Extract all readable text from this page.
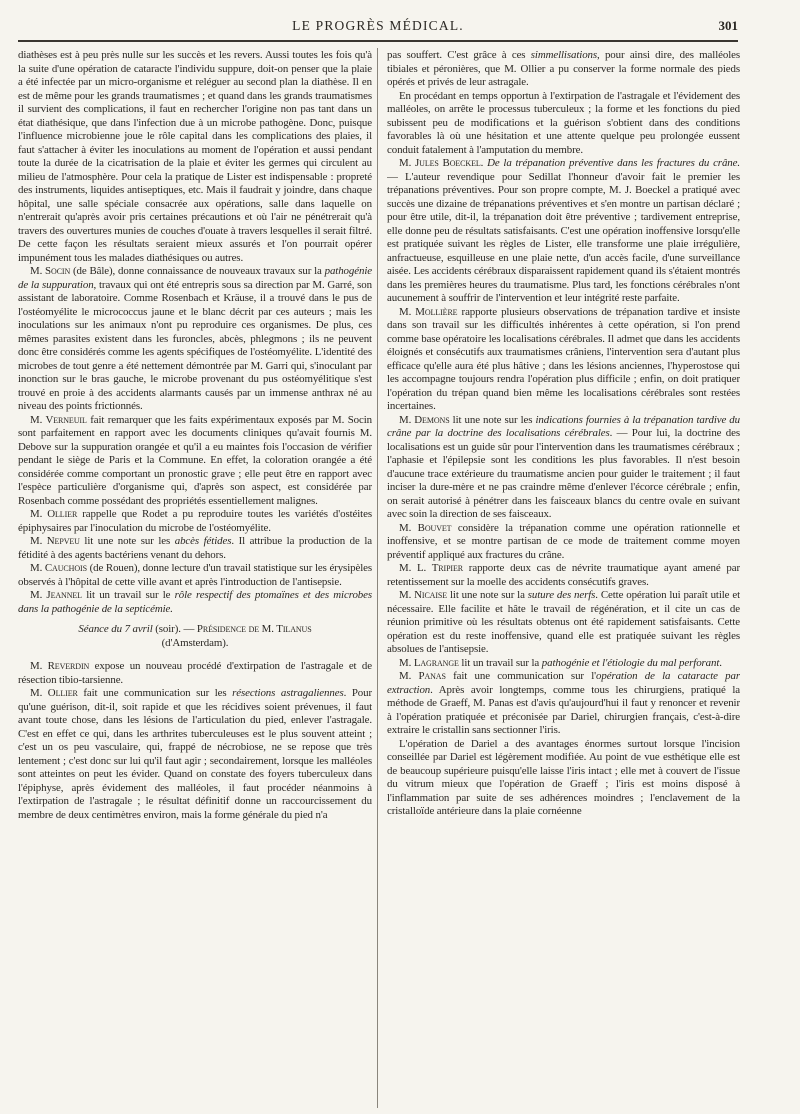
LE PROGRÈS MÉDICAL.	301

diathèses est à peu près nulle sur les succès et les revers. Aussi toutes les fois qu'à la suite d'une opération de cataracte l'individu suppure, doit-on penser que la plaie a été infectée par un micro-organisme et reléguer au second plan la diathèse. Il en est de même pour les grands traumatismes ; et quand dans les grands traumatismes il survient des complications, il faut en rechercher l'origine non pas tant dans un état diathésique, que dans l'infection due à un microbe pathogène. Donc, puisque l'influence microbienne joue le rôle capital dans les complications des plaies, il faut s'attacher à éviter les inoculations au moment de l'opération et aussi pendant toute la durée de la cicatrisation de la plaie et éviter les germes qui circulent au milieu de l'atmosphère. Pour cela la pratique de Lister est indispensable : propreté des instruments, liquides antiseptiques, etc. Mais il faudrait y joindre, dans chaque hôpital, une salle spéciale consacrée aux opérations, salle dans laquelle on n'entrerait qu'après avoir pris certaines précautions et où l'air ne pénétrerait qu'à travers des ouvertures munies de couches d'ouate à travers lesquelles il serait filtré. De cette façon les résultats seraient mieux assurés et l'on pourrait opérer impunément tous les malades diathésiques ou autres.

M. Socin (de Bâle), donne connaissance de nouveaux travaux sur la pathogénie de la suppuration, travaux qui ont été entrepris sous sa direction par M. Garré, son assistant de laboratoire. Comme Rosenbach et Kräuse, il a trouvé dans le pus de l'ostéomyélite le micrococcus jaune et le blanc décrit par ces auteurs ; mais les inoculations sur les animaux n'ont pu reproduire ces organismes. De plus, ces mêmes parasites existent dans les furoncles, abcès, phlegmons ; ils ne peuvent donc être considérés comme les agents spécifiques de l'ostéomyélite. L'identité des microbes de tout genre a été nettement démontrée par M. Garri qui, s'inoculant par inonction sur le bras gauche, le microbe provenant du pus ostéomyélitique s'est trouvé en proie à des accidents alarmants causés par un immense anthrax né au niveau des points frictionnés.

M. Verneuil fait remarquer que les faits expérimentaux exposés par M. Socin sont parfaitement en rapport avec les documents cliniques qu'avait fournis M. Debove sur la suppuration orangée et qu'il a eu maintes fois l'occasion de vérifier pendant le siège de Paris et la Commune. En effet, la coloration orangée a été considérée comme comportant un pronostic grave ; elle peut être en rapport avec l'espèce particulière d'organisme qui, d'après son aspect, est considérée par Rosenbach comme possédant des propriétés essentiellement malignes.

M. Ollier rappelle que Rodet a pu reproduire toutes les variétés d'ostéites épiphysaires par l'inoculation du microbe de l'ostéomyélite.

M. Nepveu lit une note sur les abcès fétides. Il attribue la production de la fétidité à des agents bactériens venant du dehors.

M. Cauchois (de Rouen), donne lecture d'un travail statistique sur les érysipèles observés à l'hôpital de cette ville avant et après l'introduction de l'antisepsie.

M. Jeannel lit un travail sur le rôle respectif des ptomaïnes et des microbes dans la pathogénie de la septicémie.

Séance du 7 avril (soir). — Présidence de M. Tilanus
(d'Amsterdam).

M. Reverdin expose un nouveau procédé d'extirpation de l'astragale et de résection tibio-tarsienne.

M. Ollier fait une communication sur les résections astragaliennes. Pour qu'une guérison, dit-il, soit rapide et que les récidives soient prévenues, il faut avant toute chose, dans les lésions de l'articulation du pied, enlever l'astragale. C'est en effet ce qui, dans les arthrites tuberculeuses est le plus souvent atteint ; c'est un os peu vasculaire, qui, frappé de nécrobiose, ne se repose que très lentement ; c'est donc sur lui qu'il faut agir ; secondairement, lorsque les malléoles sont atteintes on peut les évider. Quand on constate des foyers tuberculeux dans l'épiphyse, après évidement des malléoles, il faut procéder néanmoins à l'extirpation de l'astragale ; le résultat définitif donne un raccourcissement du membre de deux centimètres environ, mais la forme générale du pied n'a

pas souffert. C'est grâce à ces simmellisations, pour ainsi dire, des malléoles tibiales et péronières, que M. Ollier a pu conserver la forme normale des pieds opérés et privés de leur astragale.

En procédant en temps opportun à l'extirpation de l'astragale et l'évidement des malléoles, on arrête le processus tuberculeux ; la forme et les fonctions du pied subissent peu de modifications et la guérison s'obtient dans des conditions favorables là où une hésitation et une attente quelque peu prolongée eussent conduit fatalement à l'amputation du membre.

M. Jules Boeckel. De la trépanation préventive dans les fractures du crâne. — L'auteur revendique pour Sedillat l'honneur d'avoir fait le premier les trépanations préventives. Pour son propre compte, M. J. Boeckel a pratiqué avec succès une dizaine de trépanations préventives et s'en montre un partisan déclaré ; pour être utile, dit-il, la trépanation doit être préventive ; tardivement entreprise, elle donne peu de résultats satisfaisants. C'est une opération inoffensive lorsqu'elle est pratiquée suivant les règles de Lister, elle transforme une plaie irrégulière, anfractueuse, esquilleuse en une plaie nette, d'un accès facile, d'une surveillance aisée. Les accidents cérébraux disparaissent rapidement quand ils s'étaient montrés dans les premières heures du traumatisme. Plus tard, les fonctions cérébrales n'ont aucunement à souffrir de l'intervention et leur intégrité reste parfaite.

M. Mollière rapporte plusieurs observations de trépanation tardive et insiste dans son travail sur les difficultés inhérentes à cette opération, si l'on prend comme base opératoire les localisations cérébrales. Il admet que dans les accidents éloignés et consécutifs aux traumatismes crâniens, l'intervention sera d'autant plus efficace qu'elle aura été plus hâtive ; dans les lésions anciennes, l'hyperostose qui les accompagne toujours rendra l'opération plus difficile ; enfin, on doit pratiquer l'opération du trépan quand bien même les localisations cérébrales sont restées incertaines.

M. Demons lit une note sur les indications fournies à la trépanation tardive du crâne par la doctrine des localisations cérébrales. — Pour lui, la doctrine des localisations est un guide sûr pour l'intervention dans les traumatismes cérébraux ; l'aphasie et l'épilepsie sont les conditions les plus favorables. Il n'est besoin d'aucune trace extérieure du traumatisme ancien pour guider le traitement ; il faut inciser la dure-mère et ne pas craindre même d'enlever l'écorce cérébrale ; enfin, on serait autorisé à pénétrer dans les faisceaux blancs du centre ovale en suivant avec soin la direction de ses faisceaux.

M. Bouvet considère la trépanation comme une opération rationnelle et inoffensive, et se montre partisan de ce mode de traitement comme moyen préventif appliqué aux fractures du crâne.

M. L. Tripier rapporte deux cas de névrite traumatique ayant amené par retentissement sur la moelle des accidents consécutifs graves.

M. Nicaise lit une note sur la suture des nerfs. Cette opération lui paraît utile et nécessaire. Elle facilite et hâte le travail de régénération, et il cite un cas de réunion primitive où les résultats obtenus ont été rapidement satisfaisants. Cette opération est du reste inoffensive, quand elle est pratiquée suivant les règles absolues de l'antisepsie.

M. Lagrange lit un travail sur la pathogénie et l'étiologie du mal perforant.

M. Panas fait une communication sur l'opération de la cataracte par extraction. Après avoir longtemps, comme tous les chirurgiens, pratiqué la méthode de Graeff, M. Panas est d'avis qu'aujourd'hui il faut y renoncer et revenir à l'opération pratiquée et préconisée par Dariel, chirurgien français, c'est-à-dire extraire le cristallin sans sectionner l'iris.

L'opération de Dariel a des avantages énormes surtout lorsque l'incision conseillée par Dariel est légèrement modifiée. Au point de vue esthétique elle est de beaucoup supérieure puisqu'elle laisse l'iris intact ; elle met à couvert de l'issue du vitrum mieux que l'opération de Graeff ; l'iris est moins disposé à l'inflammation par suite de ses adhérences moindres ; l'enclavement de la cristalloïde antérieure dans la plaie cornéenne
